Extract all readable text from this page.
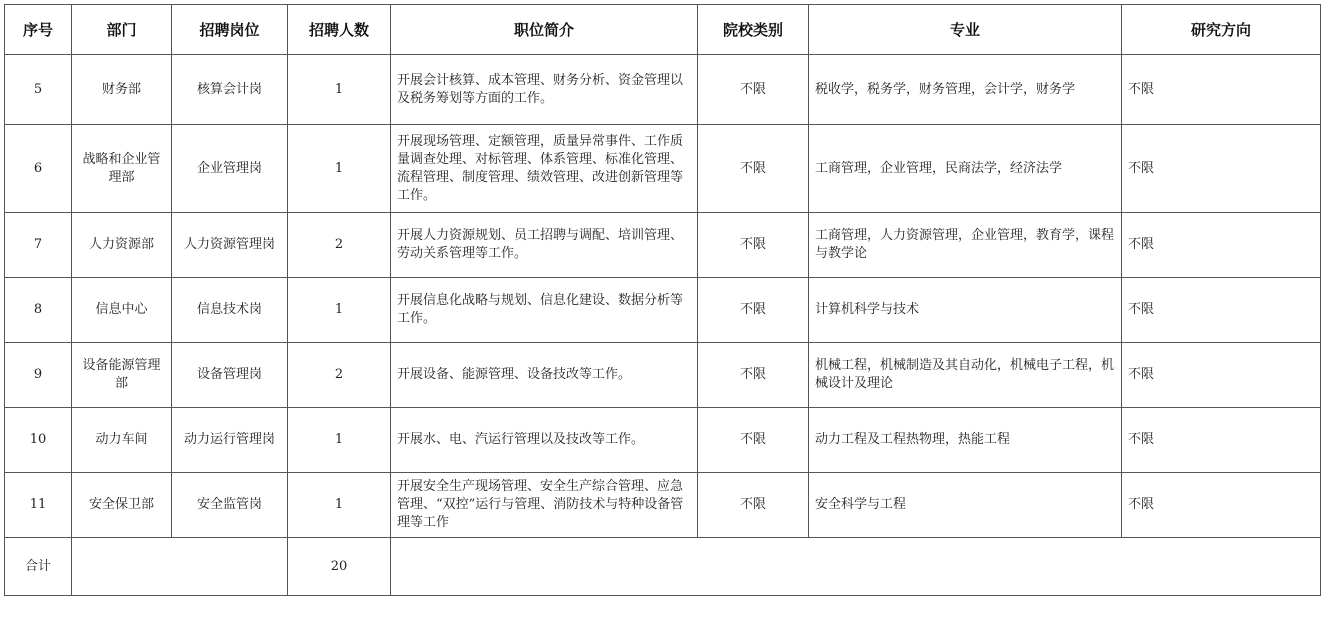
序号	部门	招聘岗位	招聘人数	职位简介	院校类别	专业	研究方向
5	财务部	核算会计岗	1	开展会计核算、成本管理、财务分析、资金管理以及税务筹划等方面的工作。	不限	税收学，税务学，财务管理，会计学，财务学	不限
6	战略和企业管理部	企业管理岗	1	开展现场管理、定额管理，质量异常事件、工作质量调查处理、对标管理、体系管理、标准化管理、流程管理、制度管理、绩效管理、改进创新管理等工作。	不限	工商管理，企业管理，民商法学，经济法学	不限
7	人力资源部	人力资源管理岗	2	开展人力资源规划、员工招聘与调配、培训管理、劳动关系管理等工作。	不限	工商管理，人力资源管理，企业管理，教育学，课程与教学论	不限
8	信息中心	信息技术岗	1	开展信息化战略与规划、信息化建设、数据分析等工作。	不限	计算机科学与技术	不限
9	设备能源管理部	设备管理岗	2	开展设备、能源管理、设备技改等工作。	不限	机械工程，机械制造及其自动化，机械电子工程，机械设计及理论	不限
10	动力车间	动力运行管理岗	1	开展水、电、汽运行管理以及技改等工作。	不限	动力工程及工程热物理，热能工程	不限
11	安全保卫部	安全监管岗	1	开展安全生产现场管理、安全生产综合管理、应急管理、“双控”运行与管理、消防技术与特种设备管理等工作	不限	安全科学与工程	不限
合计			20				
